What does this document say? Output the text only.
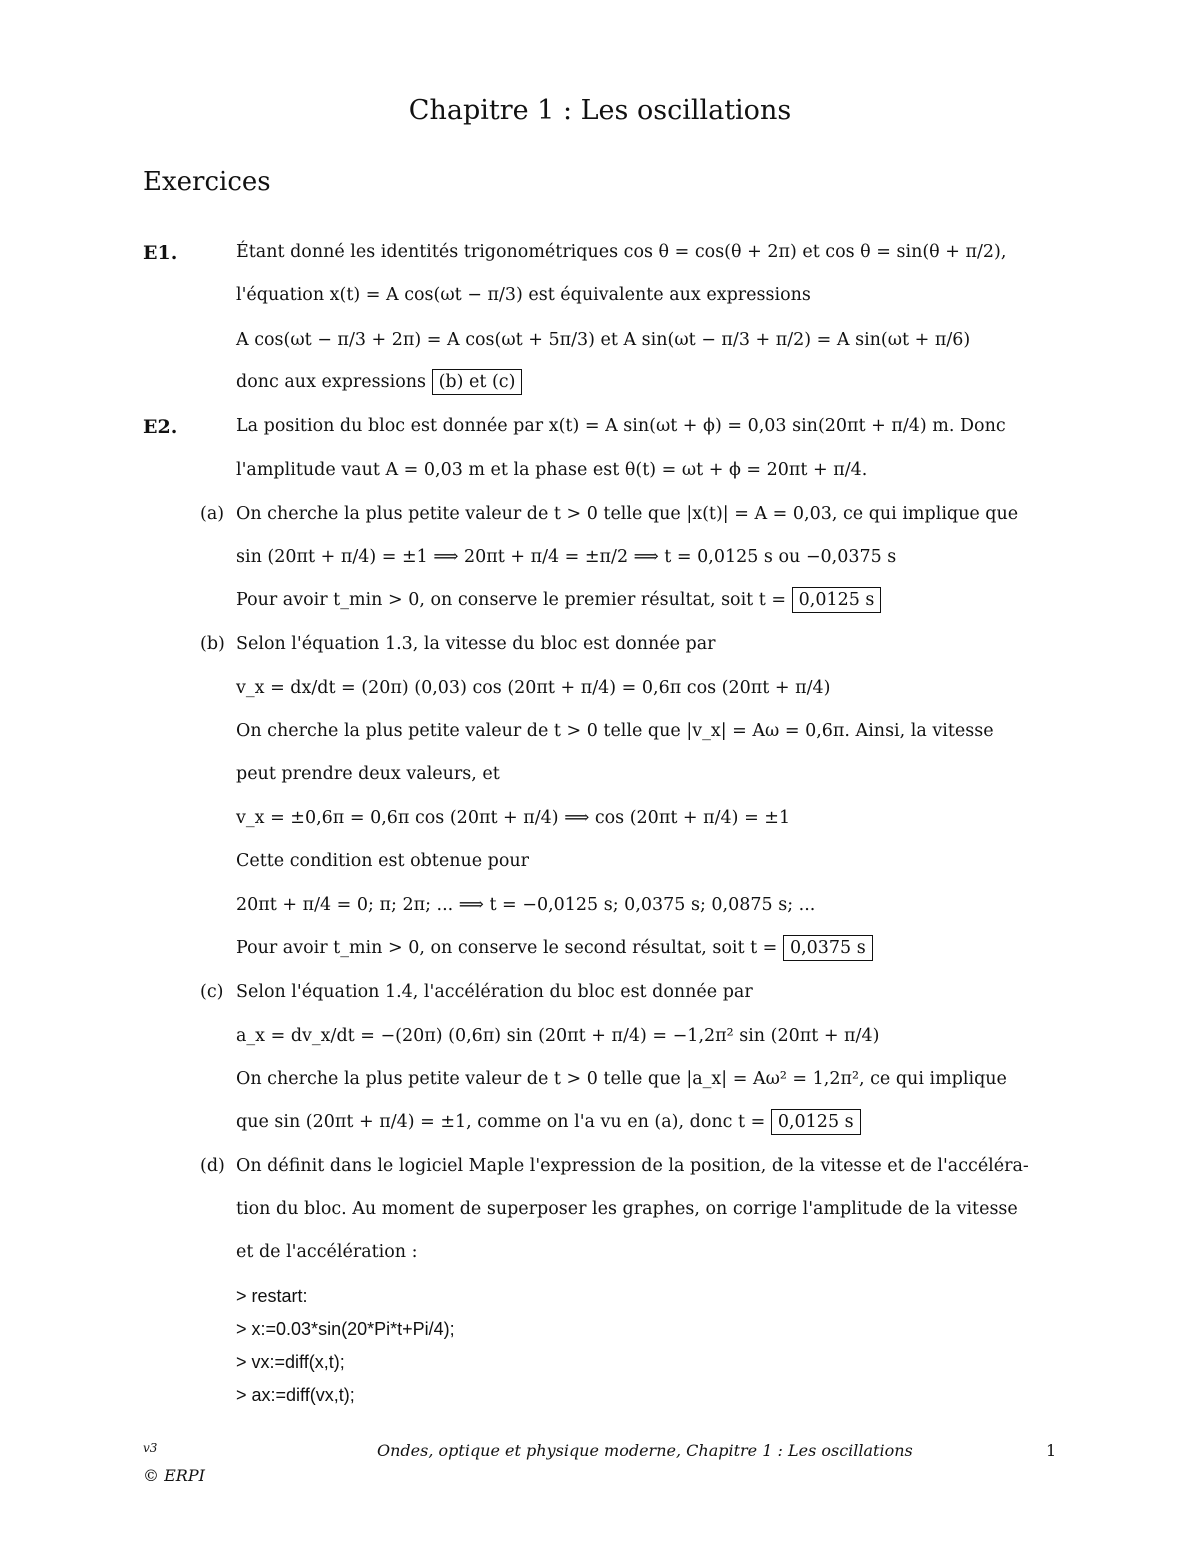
Chapitre 1 : Les oscillations
Exercices
E1.	Étant donné les identités trigonométriques cos θ = cos(θ + 2π) et cos θ = sin(θ + π/2),
l'équation x(t) = A cos(ωt − π/3) est équivalente aux expressions
A cos(ωt − π/3 + 2π) = A cos(ωt + 5π/3) et A sin(ωt − π/3 + π/2) = A sin(ωt + π/6)
donc aux expressions (b) et (c)
E2.	La position du bloc est donnée par x(t) = A sin(ωt + ϕ) = 0,03 sin(20πt + π/4) m. Donc
l'amplitude vaut A = 0,03 m et la phase est θ(t) = ωt + ϕ = 20πt + π/4.
(a) On cherche la plus petite valeur de t > 0 telle que |x(t)| = A = 0,03, ce qui implique que
sin (20πt + π/4) = ±1 ⟹ 20πt + π/4 = ±π/2 ⟹ t = 0,0125 s ou −0,0375 s
Pour avoir t_min > 0, on conserve le premier résultat, soit t = 0,0125 s
(b) Selon l'équation 1.3, la vitesse du bloc est donnée par
v_x = dx/dt = (20π) (0,03) cos (20πt + π/4) = 0,6π cos (20πt + π/4)
On cherche la plus petite valeur de t > 0 telle que |v_x| = Aω = 0,6π. Ainsi, la vitesse
peut prendre deux valeurs, et
v_x = ±0,6π = 0,6π cos (20πt + π/4) ⟹ cos (20πt + π/4) = ±1
Cette condition est obtenue pour
20πt + π/4 = 0; π; 2π; ... ⟹ t = −0,0125 s; 0,0375 s; 0,0875 s; ...
Pour avoir t_min > 0, on conserve le second résultat, soit t = 0,0375 s
(c) Selon l'équation 1.4, l'accélération du bloc est donnée par
a_x = dv_x/dt = −(20π) (0,6π) sin (20πt + π/4) = −1,2π² sin (20πt + π/4)
On cherche la plus petite valeur de t > 0 telle que |a_x| = Aω² = 1,2π², ce qui implique
que sin (20πt + π/4) = ±1, comme on l'a vu en (a), donc t = 0,0125 s
(d) On définit dans le logiciel Maple l'expression de la position, de la vitesse et de l'accéléra-
tion du bloc. Au moment de superposer les graphes, on corrige l'amplitude de la vitesse
et de l'accélération :
> restart:
> x:=0.03*sin(20*Pi*t+Pi/4);
> vx:=diff(x,t);
> ax:=diff(vx,t);
v3
© ERPI
Ondes, optique et physique moderne, Chapitre 1 : Les oscillations	1
